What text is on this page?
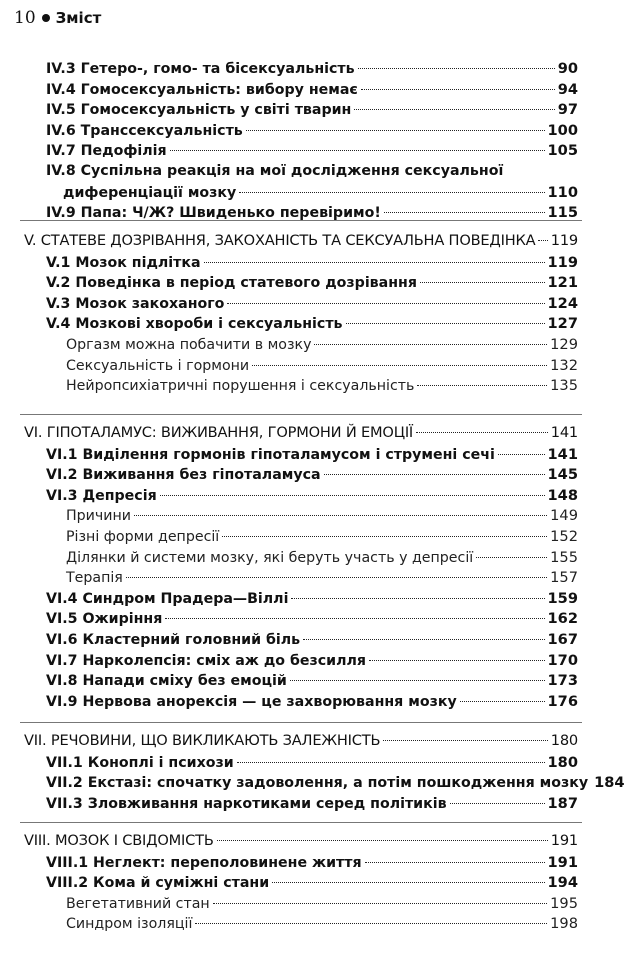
10 Зміст
IV.3 Гетеро-, гомо- та бісексуальність	90
IV.4 Гомосексуальність: вибору немає	94
IV.5 Гомосексуальність у світі тварин	97
IV.6 Транссексуальність	100
IV.7 Педофілія	105
IV.8 Суспільна реакція на мої дослідження сексуальної
диференціації мозку	110
IV.9 Папа: Ч/Ж? Швиденько перевіримо!	115
V. СТАТЕВЕ ДОЗРІВАННЯ, ЗАКОХАНІСТЬ ТА СЕКСУАЛЬНА ПОВЕДІНКА 119
V.1 Мозок підлітка	119
V.2 Поведінка в період статевого дозрівання	121
V.3 Мозок закоханого	124
V.4 Мозкові хвороби і сексуальність	127
Оргазм можна побачити в мозку	129
Сексуальність і гормони	132
Нейропсихіатричні порушення і сексуальність	135
VI. ГІПОТАЛАМУС: ВИЖИВАННЯ, ГОРМОНИ Й ЕМОЦІЇ	141
VI.1 Виділення гормонів гіпоталамусом і струмені сечі	141
VI.2 Виживання без гіпоталамуса	145
VI.3 Депресія	148
Причини	149
Різні форми депресії	152
Ділянки й системи мозку, які беруть участь у депресії	155
Терапія	157
VI.4 Синдром Прадера—Віллі	159
VI.5 Ожиріння	162
VI.6 Кластерний головний біль	167
VI.7 Нарколепсія: сміх аж до безсилля	170
VI.8 Напади сміху без емоцій	173
VI.9 Нервова анорексія — це захворювання мозку	176
VII. РЕЧОВИНИ, ЩО ВИКЛИКАЮТЬ ЗАЛЕЖНІСТЬ	180
VII.1 Коноплі і психози	180
VII.2 Екстазі: спочатку задоволення, а потім пошкодження мозку 184
VII.3 Зловживання наркотиками серед політиків	187
VIII. МОЗОК І СВІДОМІСТЬ	191
VIII.1 Неглект: переполовинене життя	191
VIII.2 Кома й суміжні стани	194
Вегетативний стан	195
Синдром ізоляції	198
